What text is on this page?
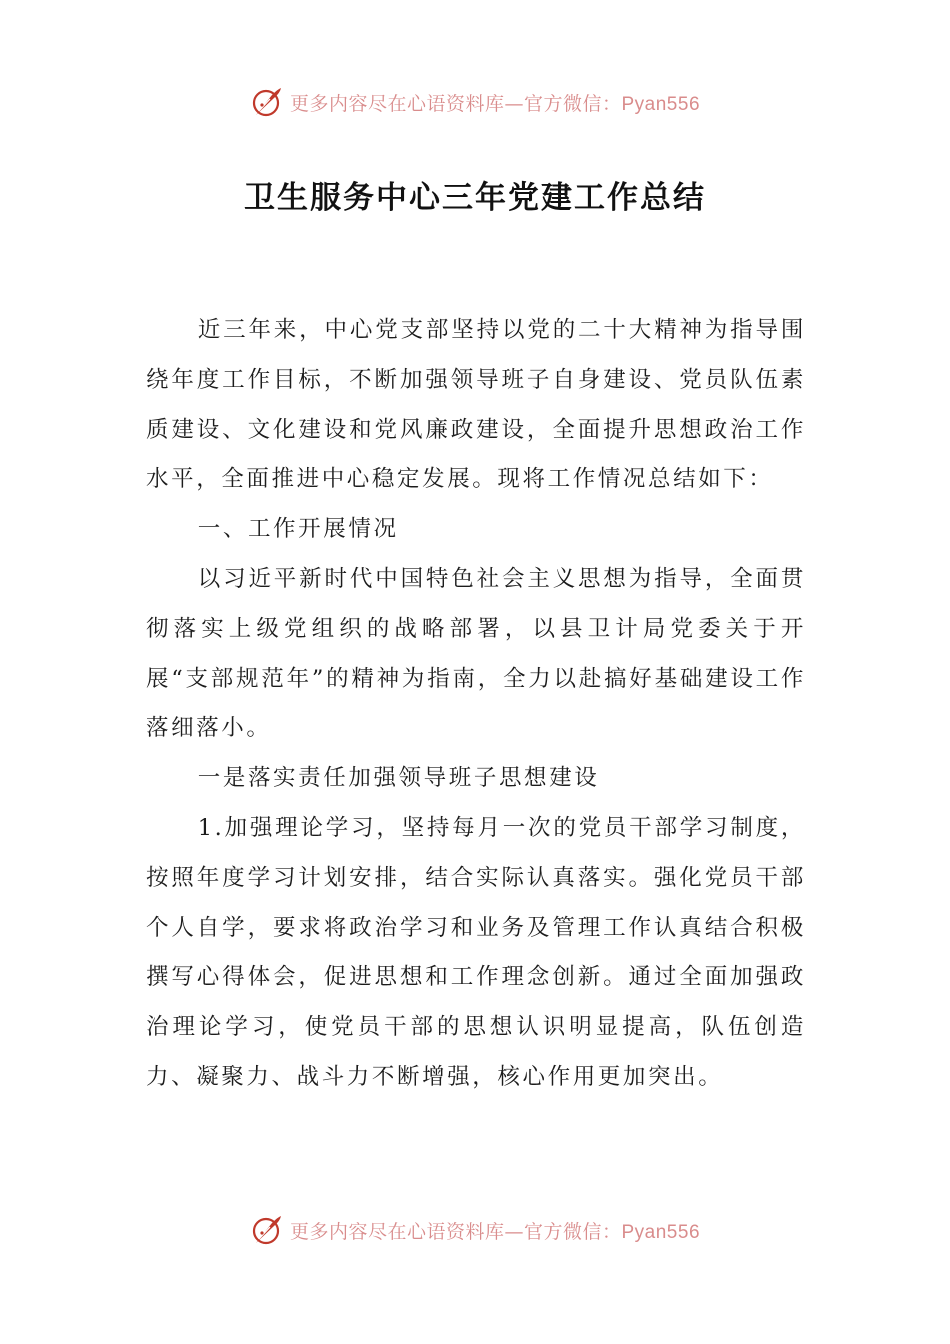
更多内容尽在心语资料库—官方微信：Pyan556
卫生服务中心三年党建工作总结

近三年来，中心党支部坚持以党的二十大精神为指导围绕年度工作目标，不断加强领导班子自身建设、党员队伍素质建设、文化建设和党风廉政建设，全面提升思想政治工作水平，全面推进中心稳定发展。现将工作情况总结如下：

一、工作开展情况

以习近平新时代中国特色社会主义思想为指导，全面贯彻落实上级党组织的战略部署，以县卫计局党委关于开展“支部规范年”的精神为指南，全力以赴搞好基础建设工作落细落小。

一是落实责任加强领导班子思想建设

1.加强理论学习，坚持每月一次的党员干部学习制度，按照年度学习计划安排，结合实际认真落实。强化党员干部个人自学，要求将政治学习和业务及管理工作认真结合积极撰写心得体会，促进思想和工作理念创新。通过全面加强政治理论学习，使党员干部的思想认识明显提高，队伍创造力、凝聚力、战斗力不断增强，核心作用更加突出。

更多内容尽在心语资料库—官方微信：Pyan556
